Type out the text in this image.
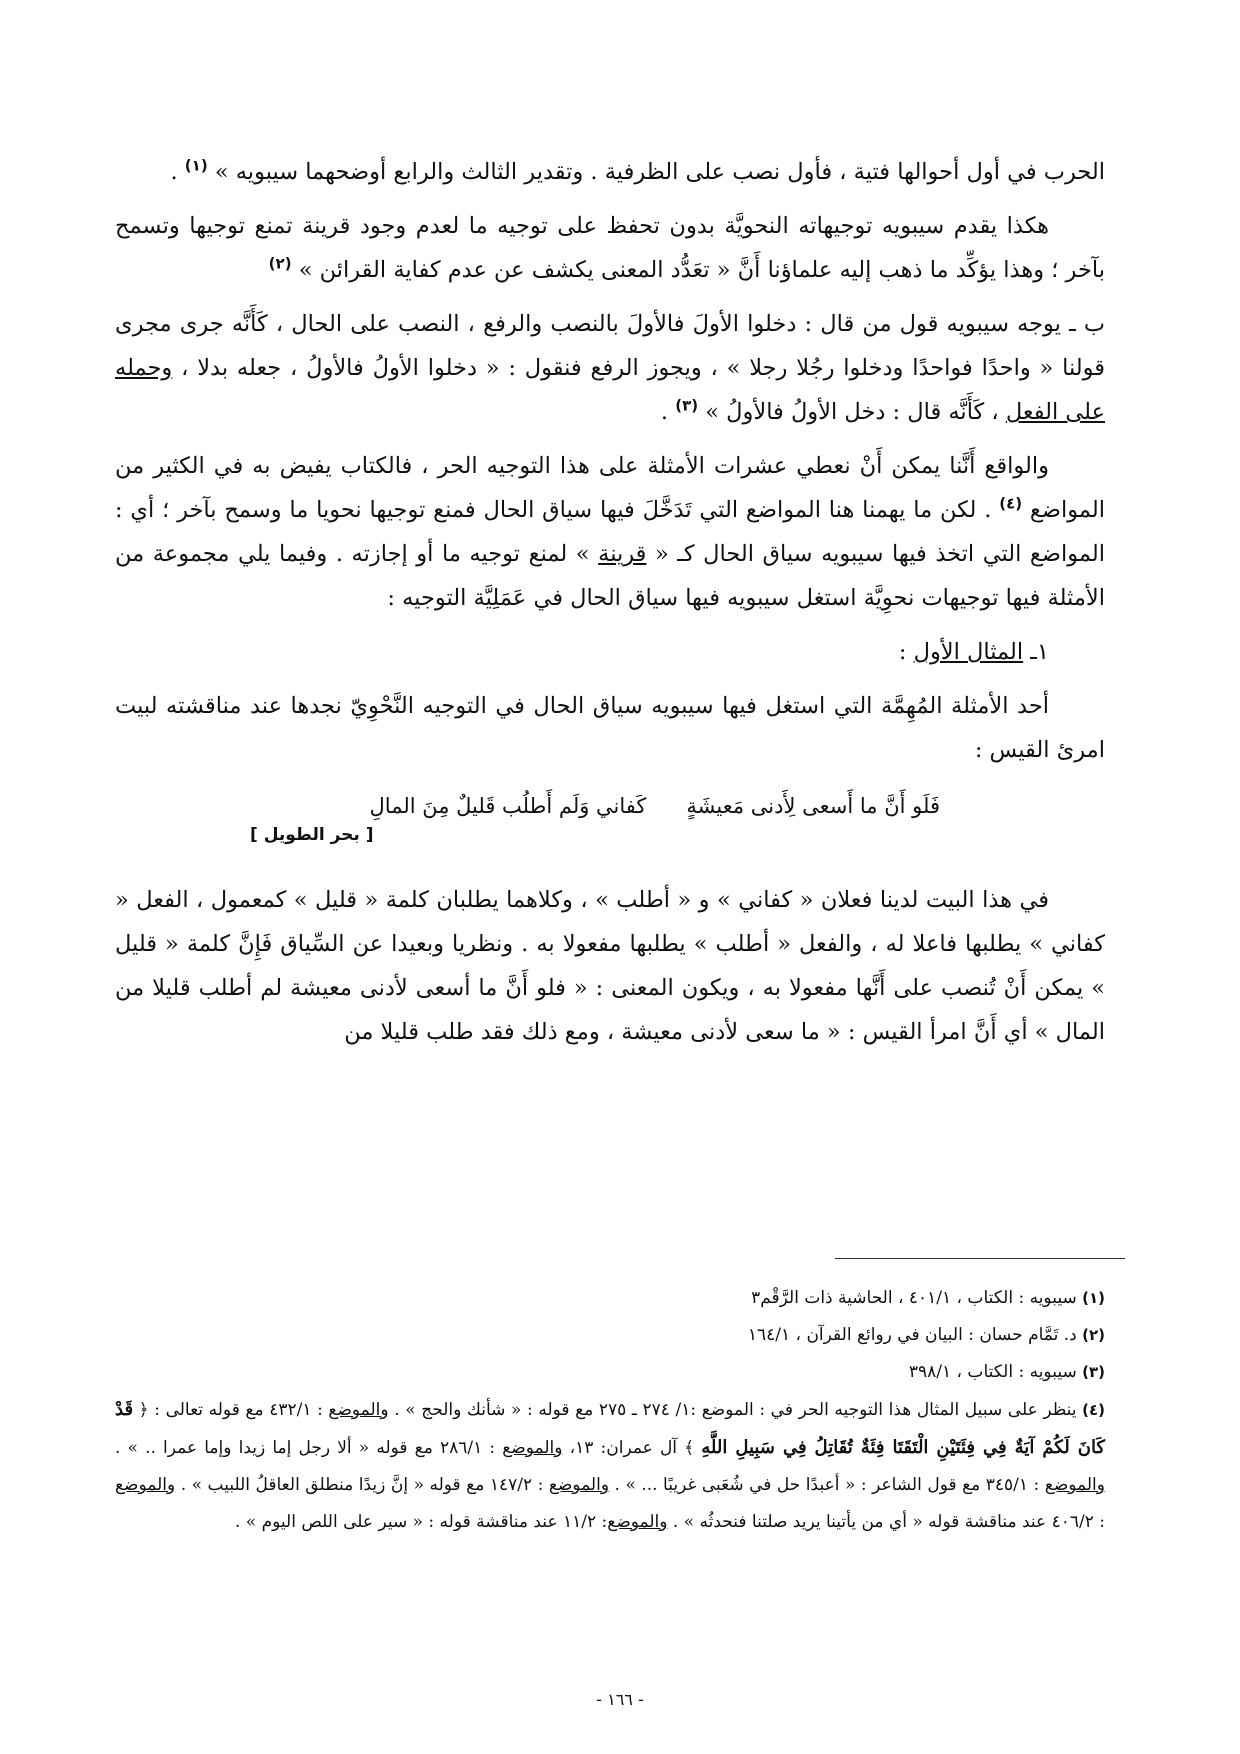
الحرب في أول أحوالها فتية ، فأول نصب على الظرفية . وتقدير الثالث والرابع أوضحهما سيبويه » $^{(١)}$ .

هكذا يقدم سيبويه توجيهاته النحويَّة بدون تحفظ على توجيه ما لعدم وجود قرينة تمنع توجيها وتسمح بآخر ؛ وهذا يؤكِّد ما ذهب إليه علماؤنا أَنَّ « تعَدُّد المعنى يكشف عن عدم كفاية القرائن » $^{(٢)}$

ب ـ يوجه سيبويه قول من قال : دخلوا الأولَ فالأولَ بالنصب والرفع ، النصب على الحال ، كَأَنَّه جرى مجرى قولنا « واحدًا فواحدًا ودخلوا رجُلا رجلا » ، ويجوز الرفع فنقول : « دخلوا الأولُ فالأولُ ، جعله بدلا ، وحمله على الفعل ، كَأَنَّه قال : دخل الأولُ فالأولُ » $^{(٣)}$ .

والواقع أَنَّنا يمكن أَنْ نعطي عشرات الأمثلة على هذا التوجيه الحر ، فالكتاب يفيض به في الكثير من المواضع $^{(٤)}$ . لكن ما يهمنا هنا المواضع التي تَدَخَّلَ فيها سياق الحال فمنع توجيها نحويا ما وسمح بآخر ؛ أي : المواضع التي اتخذ فيها سيبويه سياق الحال كـ « قرينة » لمنع توجيه ما أو إجازته . وفيما يلي مجموعة من الأمثلة فيها توجيهات نحوِيَّة استغل سيبويه فيها سياق الحال في عَمَلِيَّة التوجيه :

١ـ المثال الأول :

أحد الأمثلة المُهِمَّة التي استغل فيها سيبويه سياق الحال في التوجيه النَّحْوِيّ نجدها عند مناقشته لبيت امرئ القيس :

فَلَو أَنَّ ما أَسعى لِأَدنى مَعيشَةٍكَفاني وَلَم أَطلُب قَليلٌ مِنَ المالِ
[ بحر الطويل ]

في هذا البيت لدينا فعلان « كفاني » و « أطلب » ، وكلاهما يطلبان كلمة « قليل » كمعمول ، الفعل « كفاني » يطلبها فاعلا له ، والفعل « أطلب » يطلبها مفعولا به . ونظريا وبعيدا عن السِّياق فَإِنَّ كلمة « قليل » يمكن أَنْ تُنصب على أَنَّها مفعولا به ، ويكون المعنى : « فلو أَنَّ ما أسعى لأدنى معيشة لم أطلب قليلا من المال » أي أَنَّ امرأ القيس : « ما سعى لأدنى معيشة ، ومع ذلك فقد طلب قليلا من

(١) سيبويه : الكتاب ، ٤٠١/١ ، الحاشية ذات الرَّقْم٣

(٢) د. تَمَّام حسان : البيان في روائع القرآن ، ١٦٤/١

(٣) سيبويه : الكتاب ، ٣٩٨/١

(٤) ينظر على سبيل المثال هذا التوجيه الحر في : الموضع :١/ ٢٧٤ ـ ٢٧٥ مع قوله : « شأنك والحج » . والموضع : ٤٣٢/١ مع قوله تعالى : ﴿ قَدْ كَانَ لَكُمْ آيَةٌ فِي فِئَتَيْنِ الْتَقَتَا فِئَةٌ تُقَاتِلُ فِي سَبِيلِ اللَّهِ ﴾ آل عمران: ١٣، والموضع : ٢٨٦/١ مع قوله « ألا رجل إما زيدا وإما عمرا .. » . والموضع : ٣٤٥/١ مع قول الشاعر : « أعبدًا حل في شُعَبى غريبًا ... » . والموضع : ١٤٧/٢ مع قوله « إنَّ زيدًا منطلق العاقلُ اللبيب » . والموضع : ٤٠٦/٢ عند مناقشة قوله « أي من يأتينا يريد صلتنا فنحدثُه » . والموضع: ١١/٢ عند مناقشة قوله : « سير على اللص اليوم » .

- ١٦٦ -
